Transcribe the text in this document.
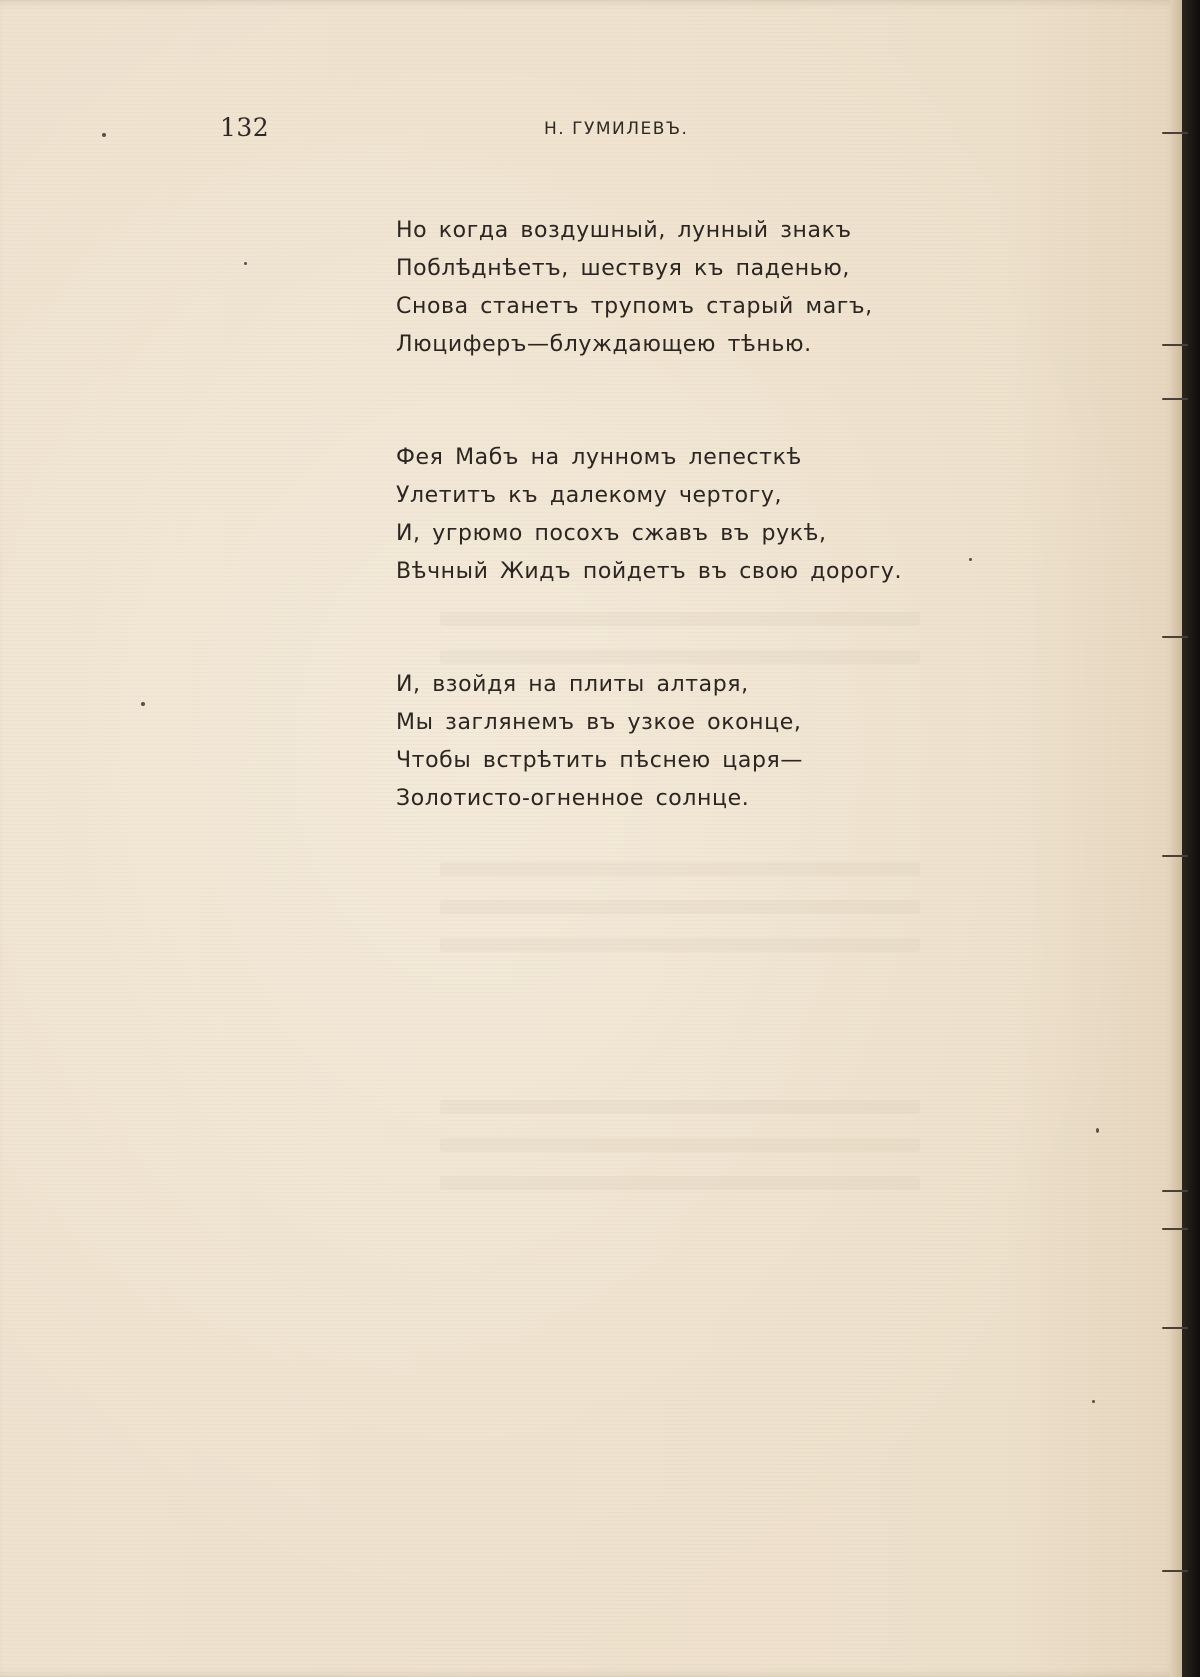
132	Н. ГУМИЛЕВЪ.
Но когда воздушный, лунный знакъ
Поблѣднѣетъ, шествуя къ паденью,
Снова станетъ трупомъ старый магъ,
Люциферъ—блуждающею тѣнью.
Фея Мабъ на лунномъ лепесткѣ
Улетитъ къ далекому чертогу,
И, угрюмо посохъ сжавъ въ рукѣ,
Вѣчный Жидъ пойдетъ въ свою дорогу.
И, взойдя на плиты алтаря,
Мы заглянемъ въ узкое оконце,
Чтобы встрѣтить пѣснею царя—
Золотисто-огненное солнце.
